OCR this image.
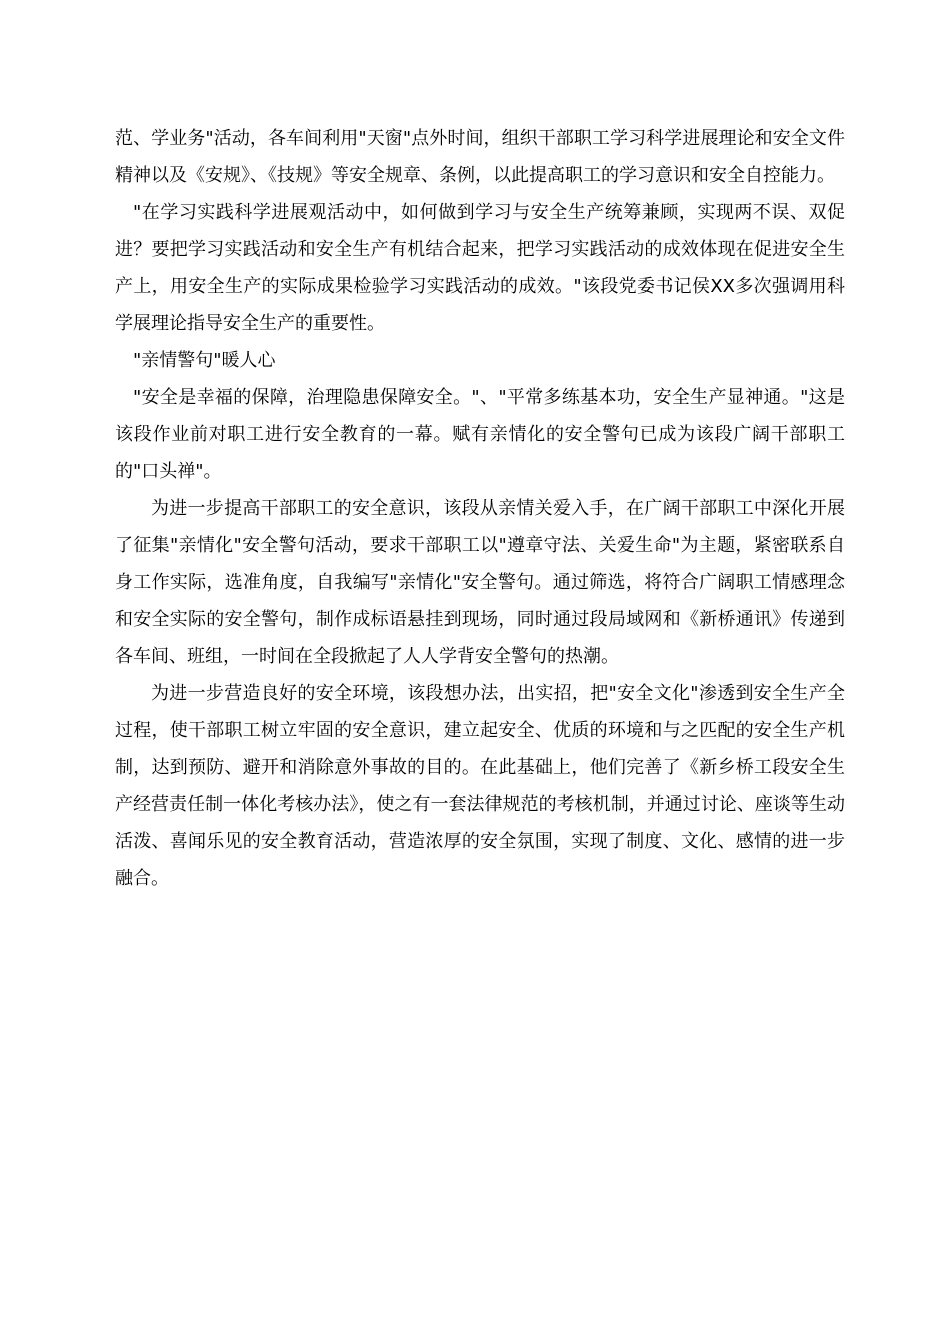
范、学业务"活动，各车间利用"天窗"点外时间，组织干部职工学习科学进展理论和安全文件精神以及《安规》、《技规》等安全规章、条例，以此提高职工的学习意识和安全自控能力。

"在学习实践科学进展观活动中，如何做到学习与安全生产统筹兼顾，实现两不误、双促进？要把学习实践活动和安全生产有机结合起来，把学习实践活动的成效体现在促进安全生产上，用安全生产的实际成果检验学习实践活动的成效。"该段党委书记侯XX多次强调用科学展理论指导安全生产的重要性。

"亲情警句"暖人心

"安全是幸福的保障，治理隐患保障安全。"、"平常多练基本功，安全生产显神通。"这是该段作业前对职工进行安全教育的一幕。赋有亲情化的安全警句已成为该段广阔干部职工的"口头禅"。

为进一步提高干部职工的安全意识，该段从亲情关爱入手，在广阔干部职工中深化开展了征集"亲情化"安全警句活动，要求干部职工以"遵章守法、关爱生命"为主题，紧密联系自身工作实际，选准角度，自我编写"亲情化"安全警句。通过筛选，将符合广阔职工情感理念和安全实际的安全警句，制作成标语悬挂到现场，同时通过段局域网和《新桥通讯》传递到各车间、班组，一时间在全段掀起了人人学背安全警句的热潮。

为进一步营造良好的安全环境，该段想办法，出实招，把"安全文化"渗透到安全生产全过程，使干部职工树立牢固的安全意识，建立起安全、优质的环境和与之匹配的安全生产机制，达到预防、避开和消除意外事故的目的。在此基础上，他们完善了《新乡桥工段安全生产经营责任制一体化考核办法》，使之有一套法律规范的考核机制，并通过讨论、座谈等生动活泼、喜闻乐见的安全教育活动，营造浓厚的安全氛围，实现了制度、文化、感情的进一步融合。
